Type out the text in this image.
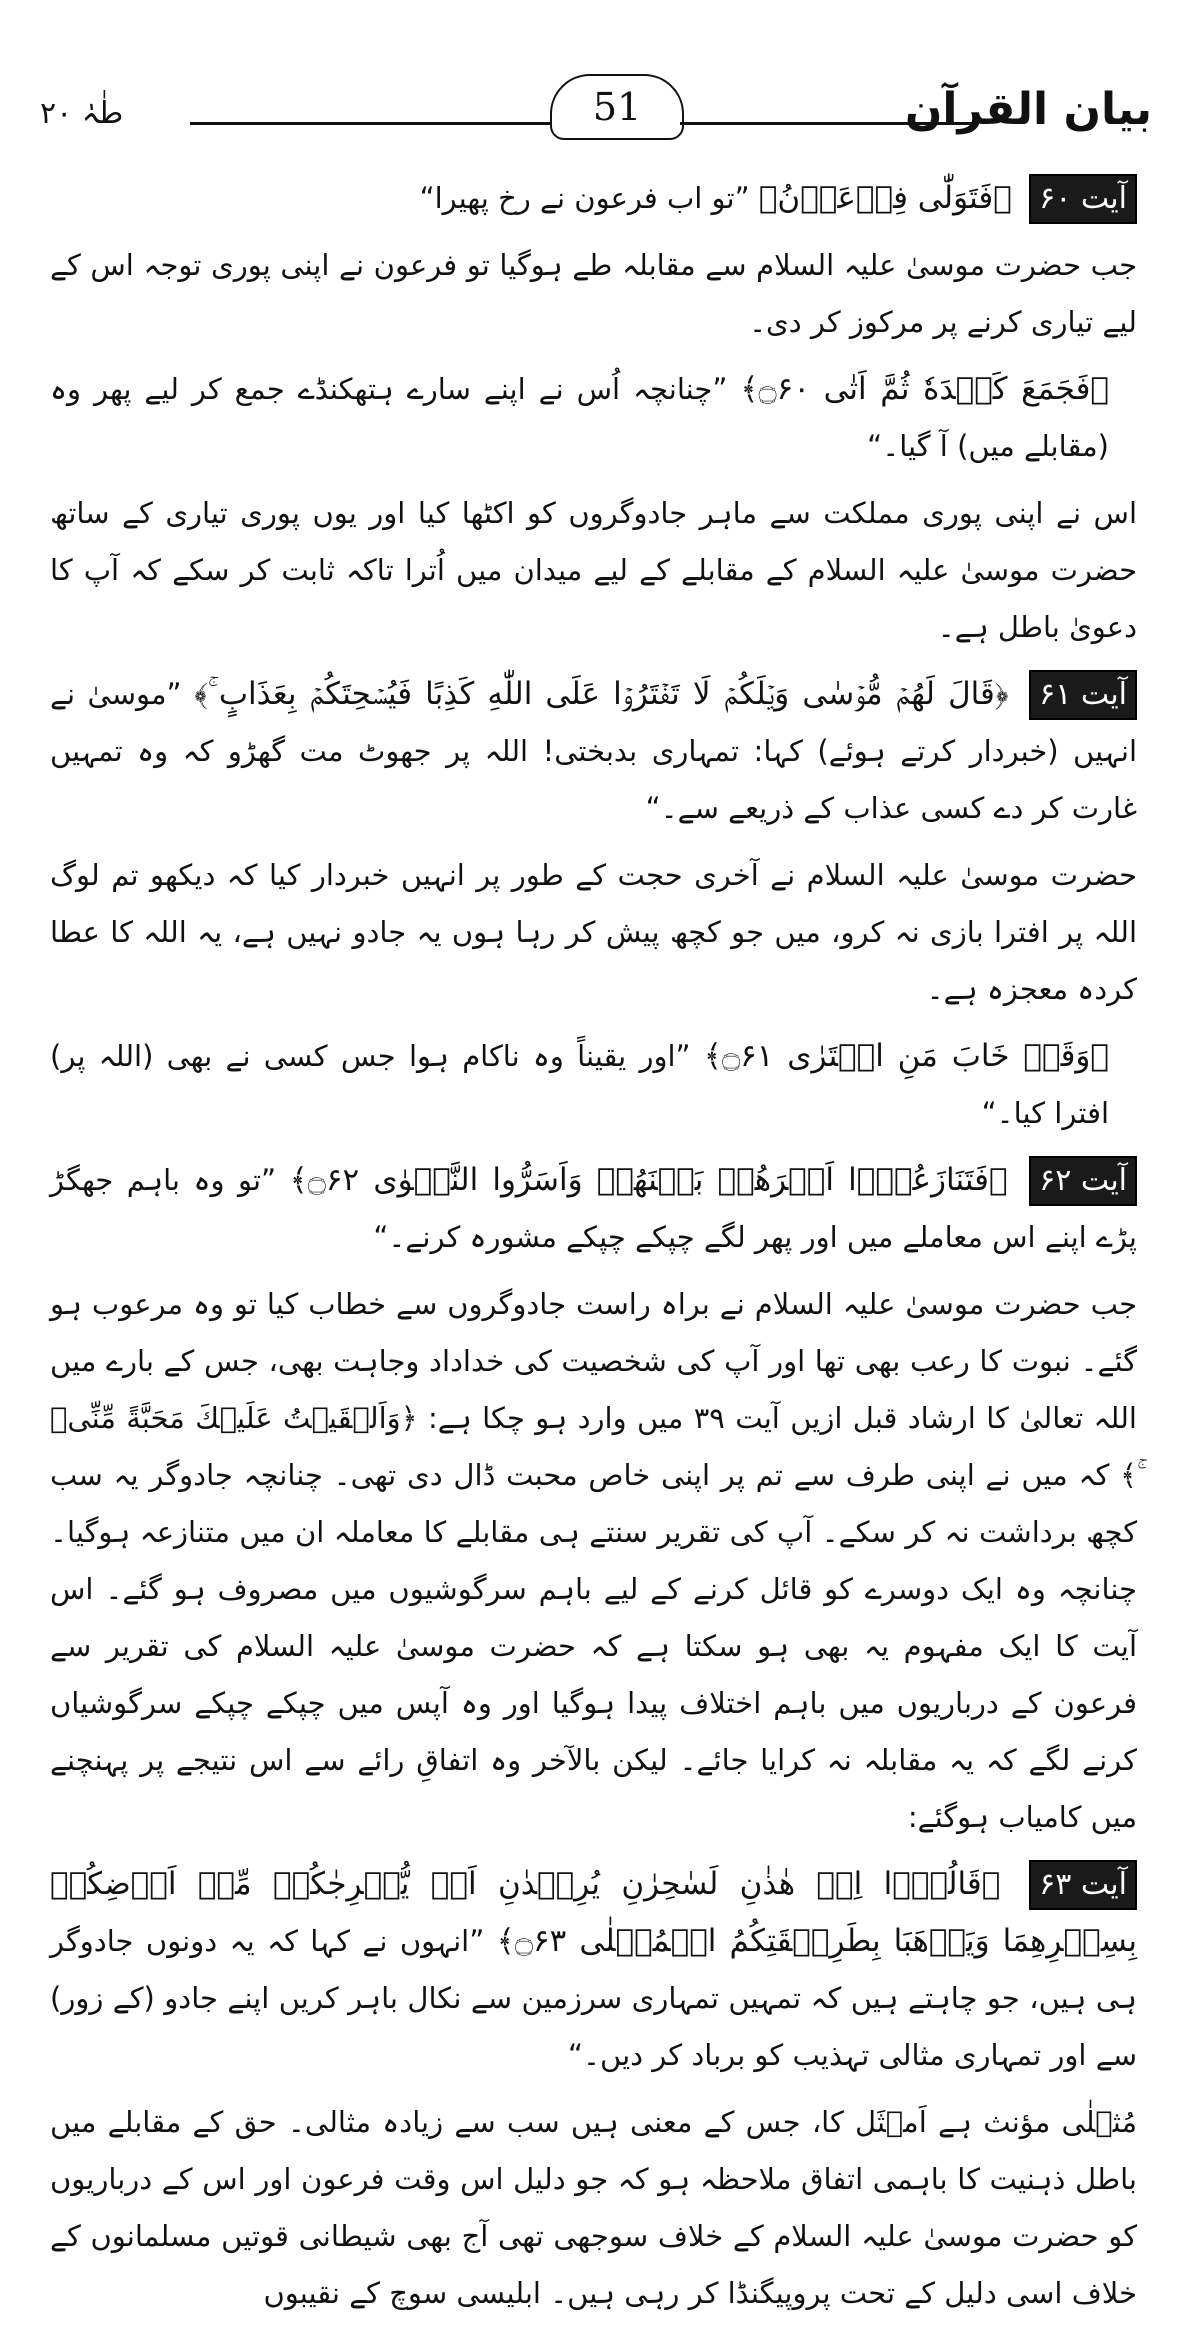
بیان القرآن
طٰہٰ ۲۰	51

آیت ۶۰ ﴿فَتَوَلّٰی فِرۡعَوۡنُ﴾ ”تو اب فرعون نے رخ پھیرا“

جب حضرت موسیٰ علیہ السلام سے مقابلہ طے ہوگیا تو فرعون نے اپنی پوری توجہ اس کے لیے تیاری کرنے پر مرکوز کر دی۔

﴿فَجَمَعَ كَيۡدَهٗ ثُمَّ اَتٰی ۝۶۰﴾ ”چنانچہ اُس نے اپنے سارے ہتھکنڈے جمع کر لیے پھر وہ (مقابلے میں) آ گیا۔“

اس نے اپنی پوری مملکت سے ماہر جادوگروں کو اکٹھا کیا اور یوں پوری تیاری کے ساتھ حضرت موسیٰ علیہ السلام کے مقابلے کے لیے میدان میں اُترا تاکہ ثابت کر سکے کہ آپ کا دعویٰ باطل ہے۔

آیت ۶۱ ﴿قَالَ لَهُمۡ مُّوۡسٰی وَيۡلَكُمۡ لَا تَفۡتَرُوۡا عَلَی اللّٰهِ كَذِبًا فَيُسۡحِتَكُمۡ بِعَذَابٍ ۚ﴾ ”موسیٰ نے انہیں (خبردار کرتے ہوئے) کہا: تمہاری بدبختی! اللہ پر جھوٹ مت گھڑو کہ وہ تمہیں غارت کر دے کسی عذاب کے ذریعے سے۔“

حضرت موسیٰ علیہ السلام نے آخری حجت کے طور پر انہیں خبردار کیا کہ دیکھو تم لوگ اللہ پر افترا بازی نہ کرو، میں جو کچھ پیش کر رہا ہوں یہ جادو نہیں ہے، یہ اللہ کا عطا کردہ معجزہ ہے۔

﴿وَقَدۡ خَابَ مَنِ افۡتَرٰی ۝۶۱﴾ ”اور یقیناً وہ ناکام ہوا جس کسی نے بھی (اللہ پر) افترا کیا۔“

آیت ۶۲ ﴿فَتَنَازَعُوۡۤا اَمۡرَهُمۡ بَيۡنَهُمۡ وَاَسَرُّوا النَّجۡوٰی ۝۶۲﴾ ”تو وہ باہم جھگڑ پڑے اپنے اس معاملے میں اور پھر لگے چپکے چپکے مشورہ کرنے۔“

جب حضرت موسیٰ علیہ السلام نے براہ راست جادوگروں سے خطاب کیا تو وہ مرعوب ہو گئے۔ نبوت کا رعب بھی تھا اور آپ کی شخصیت کی خداداد وجاہت بھی، جس کے بارے میں اللہ تعالیٰ کا ارشاد قبل ازیں آیت ۳۹ میں وارد ہو چکا ہے: ﴿وَاَلۡقَيۡتُ عَلَيۡكَ مَحَبَّةً مِّنِّیۡ ۚ﴾ کہ میں نے اپنی طرف سے تم پر اپنی خاص محبت ڈال دی تھی۔ چنانچہ جادوگر یہ سب کچھ برداشت نہ کر سکے۔ آپ کی تقریر سنتے ہی مقابلے کا معاملہ ان میں متنازعہ ہوگیا۔ چنانچہ وہ ایک دوسرے کو قائل کرنے کے لیے باہم سرگوشیوں میں مصروف ہو گئے۔ اس آیت کا ایک مفہوم یہ بھی ہو سکتا ہے کہ حضرت موسیٰ علیہ السلام کی تقریر سے فرعون کے درباریوں میں باہم اختلاف پیدا ہوگیا اور وہ آپس میں چپکے چپکے سرگوشیاں کرنے لگے کہ یہ مقابلہ نہ کرایا جائے۔ لیکن بالآخر وہ اتفاقِ رائے سے اس نتیجے پر پہنچنے میں کامیاب ہوگئے:

آیت ۶۳ ﴿قَالُوۡۤا اِنۡ هٰذٰنِ لَسٰحِرٰنِ يُرِيۡدٰنِ اَنۡ يُّخۡرِجٰكُمۡ مِّنۡ اَرۡضِكُمۡ بِسِحۡرِهِمَا وَيَذۡهَبَا بِطَرِيۡقَتِكُمُ الۡمُثۡلٰی ۝۶۳﴾ ”انہوں نے کہا کہ یہ دونوں جادوگر ہی ہیں، جو چاہتے ہیں کہ تمہیں تمہاری سرزمین سے نکال باہر کریں اپنے جادو (کے زور) سے اور تمہاری مثالی تہذیب کو برباد کر دیں۔“

مُثۡلٰی مؤنث ہے اَمۡثَل کا، جس کے معنی ہیں سب سے زیادہ مثالی۔ حق کے مقابلے میں باطل ذہنیت کا باہمی اتفاق ملاحظہ ہو کہ جو دلیل اس وقت فرعون اور اس کے درباریوں کو حضرت موسیٰ علیہ السلام کے خلاف سوجھی تھی آج بھی شیطانی قوتیں مسلمانوں کے خلاف اسی دلیل کے تحت پروپیگنڈا کر رہی ہیں۔ ابلیسی سوچ کے نقیبوں
